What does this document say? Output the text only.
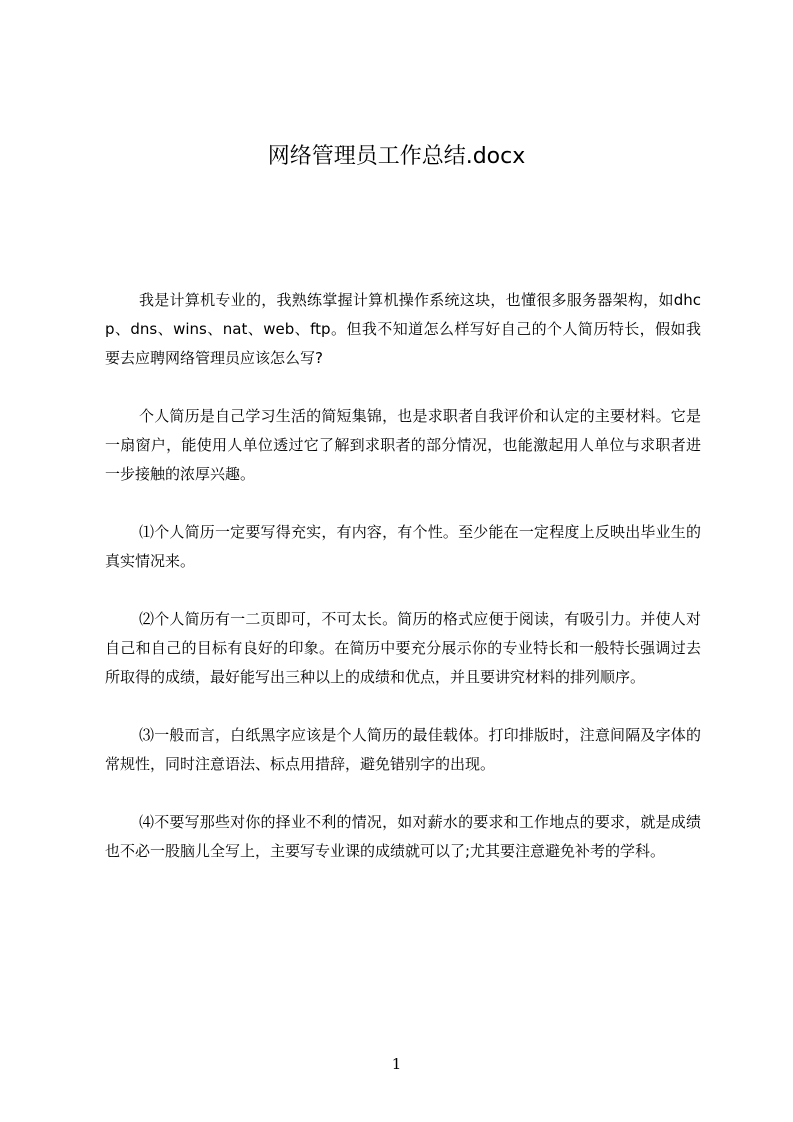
网络管理员工作总结.docx

我是计算机专业的，我熟练掌握计算机操作系统这块，也懂很多服务器架构，如dhcp、dns、wins、nat、web、ftp。但我不知道怎么样写好自己的个人简历特长，假如我要去应聘网络管理员应该怎么写?

个人简历是自己学习生活的简短集锦，也是求职者自我评价和认定的主要材料。它是一扇窗户，能使用人单位透过它了解到求职者的部分情况，也能激起用人单位与求职者进一步接触的浓厚兴趣。

⑴个人简历一定要写得充实，有内容，有个性。至少能在一定程度上反映出毕业生的真实情况来。

⑵个人简历有一二页即可，不可太长。简历的格式应便于阅读，有吸引力。并使人对自己和自己的目标有良好的印象。在简历中要充分展示你的专业特长和一般特长强调过去所取得的成绩，最好能写出三种以上的成绩和优点，并且要讲究材料的排列顺序。

⑶一般而言，白纸黑字应该是个人简历的最佳载体。打印排版时，注意间隔及字体的常规性，同时注意语法、标点用措辞，避免错别字的出现。

⑷不要写那些对你的择业不利的情况，如对薪水的要求和工作地点的要求，就是成绩也不必一股脑儿全写上，主要写专业课的成绩就可以了;尤其要注意避免补考的学科。

1
